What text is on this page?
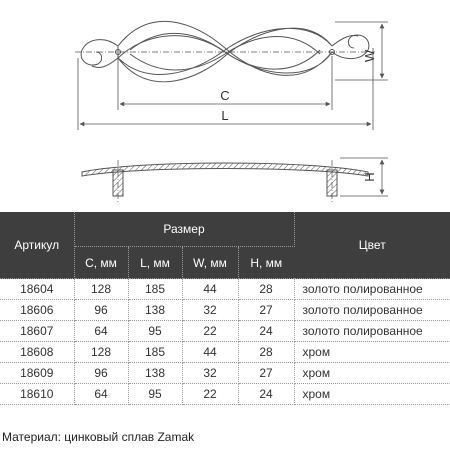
W
C
L
H
Артикул	Размер				Цвет
	С, мм	L, мм	W, мм	H, мм	
18604	128	185	44	28	золото полированное
18606	96	138	32	27	золото полированное
18607	64	95	22	24	золото полированное
18608	128	185	44	28	хром
18609	96	138	32	27	хром
18610	64	95	22	24	хром
Материал: цинковый сплав Zamak
